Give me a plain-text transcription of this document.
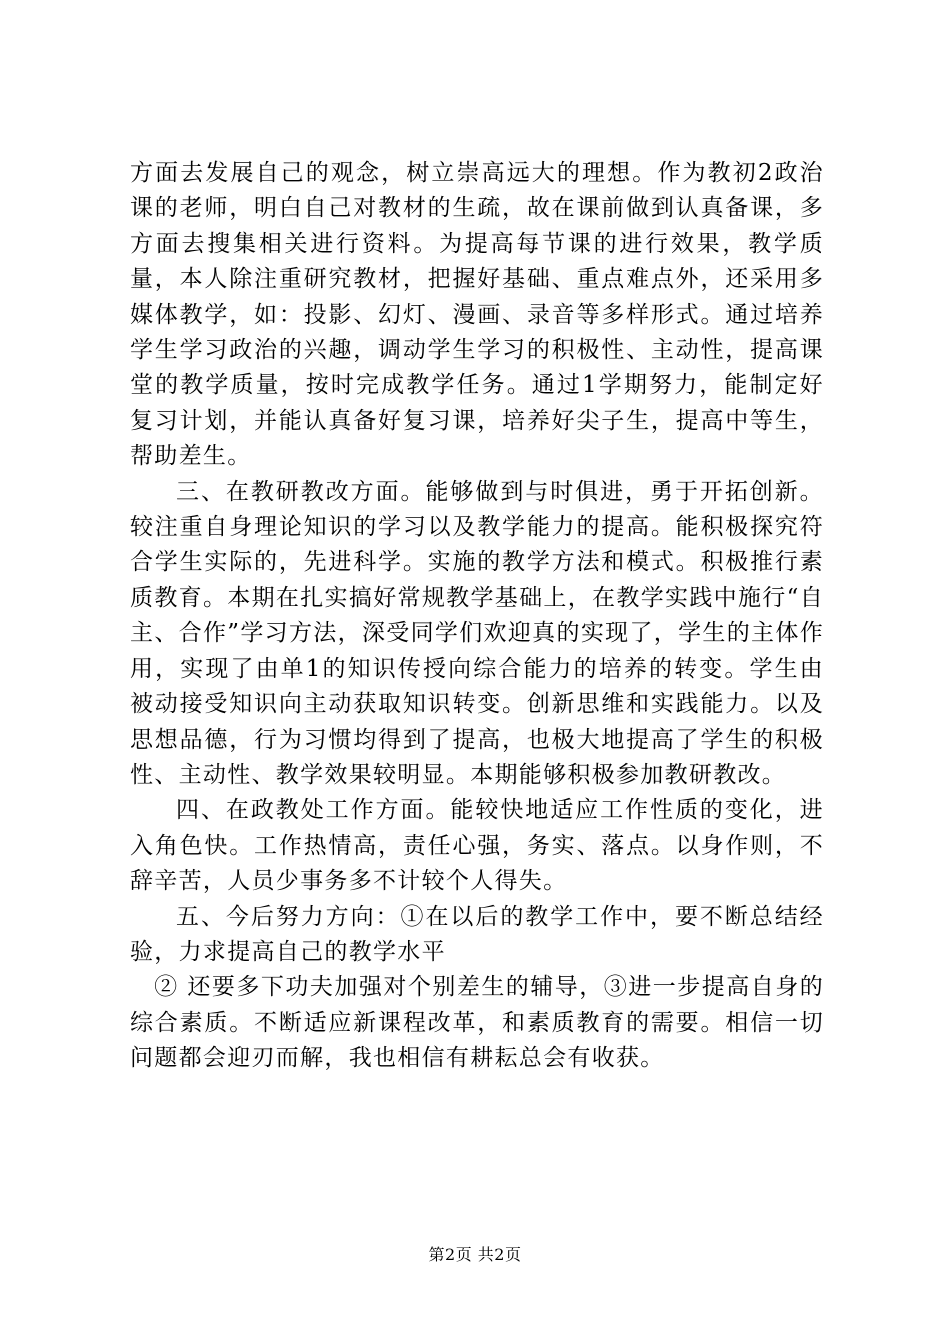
方面去发展自己的观念，树立崇高远大的理想。作为教初2政治课的老师，明白自己对教材的生疏，故在课前做到认真备课，多方面去搜集相关进行资料。为提高每节课的进行效果，教学质量，本人除注重研究教材，把握好基础、重点难点外，还采用多媒体教学，如：投影、幻灯、漫画、录音等多样形式。通过培养学生学习政治的兴趣，调动学生学习的积极性、主动性，提高课堂的教学质量，按时完成教学任务。通过1学期努力，能制定好复习计划，并能认真备好复习课，培养好尖子生，提高中等生，帮助差生。

三、在教研教改方面。能够做到与时俱进，勇于开拓创新。较注重自身理论知识的学习以及教学能力的提高。能积极探究符合学生实际的，先进科学。实施的教学方法和模式。积极推行素质教育。本期在扎实搞好常规教学基础上，在教学实践中施行“自主、合作”学习方法，深受同学们欢迎真的实现了，学生的主体作用，实现了由单1的知识传授向综合能力的培养的转变。学生由被动接受知识向主动获取知识转变。创新思维和实践能力。以及思想品德，行为习惯均得到了提高，也极大地提高了学生的积极性、主动性、教学效果较明显。本期能够积极参加教研教改。

四、在政教处工作方面。能较快地适应工作性质的变化，进入角色快。工作热情高，责任心强，务实、落点。以身作则，不辞辛苦，人员少事务多不计较个人得失。

五、今后努力方向：①在以后的教学工作中，要不断总结经验，力求提高自己的教学水平

② 还要多下功夫加强对个别差生的辅导，③进一步提高自身的综合素质。不断适应新课程改革，和素质教育的需要。相信一切问题都会迎刃而解，我也相信有耕耘总会有收获。

第2页 共2页
